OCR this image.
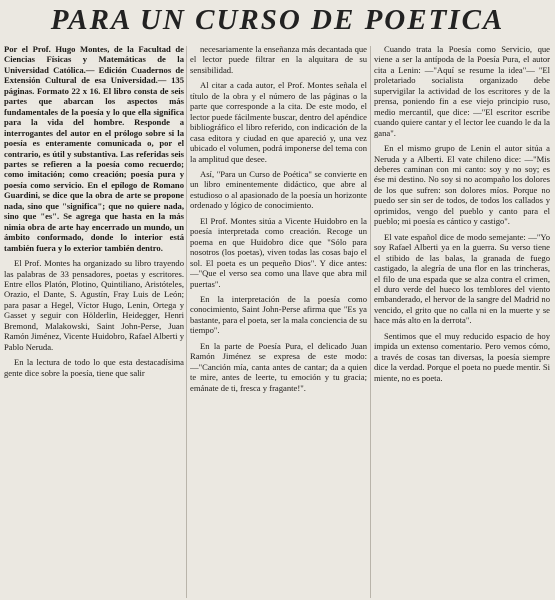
PARA UN CURSO DE POETICA

Por el Prof. Hugo Montes, de la Facultad de Ciencias Físicas y Matemáticas de la Universidad Católica.— Edición Cuadernos de Extensión Cultural de esa Universidad.— 135 páginas. Formato 22 x 16. El libro consta de seis partes que abarcan los aspectos más fundamentales de la poesía y lo que ella significa para la vida del hombre. Responde a interrogantes del autor en el prólogo sobre si la poesía es enteramente comunicada o, por el contrario, es útil y substantiva. Las referidas seis partes se refieren a la poesía como recuerdo; como imitación; como creación; poesía pura y poesía como servicio. En el epílogo de Romano Guardini, se dice que la obra de arte se propone nada, sino que "significa"; que no quiere nada, sino que "es". Se agrega que hasta en la más nimia obra de arte hay encerrado un mundo, un ámbito conformado, donde lo interior está también fuera y lo exterior también dentro.

El Prof. Montes ha organizado su libro trayendo las palabras de 33 pensadores, poetas y escritores. Entre ellos Platón, Plotino, Quintiliano, Aristóteles, Orazio, el Dante, S. Agustín, Fray Luis de León; para pasar a Hegel, Víctor Hugo, Lenin, Ortega y Gasset y seguir con Hölderlin, Heidegger, Henri Bremond, Malakowski, Saint John-Perse, Juan Ramón Jiménez, Vicente Huidobro, Rafael Alberti y Pablo Neruda.

En la lectura de todo lo que esta destacadísima gente dice sobre la poesía, tiene que salir

necesariamente la enseñanza más decantada que el lector puede filtrar en la alquitara de su sensibilidad.

Al citar a cada autor, el Prof. Montes señala el título de la obra y el número de las páginas o la parte que corresponde a la cita. De este modo, el lector puede fácilmente buscar, dentro del apéndice bibliográfico el libro referido, con indicación de la casa editora y ciudad en que apareció y, una vez ubicado el volumen, podrá imponerse del tema con la amplitud que desee.

Así, "Para un Curso de Poética" se convierte en un libro eminentemente didáctico, que abre al estudioso o al apasionado de la poesía un horizonte ordenado y lógico de conocimiento.

El Prof. Montes sitúa a Vicente Huidobro en la poesía interpretada como creación. Recoge un poema en que Huidobro dice que "Sólo para nosotros (los poetas), viven todas las cosas bajo el sol. El poeta es un pequeño Dios". Y dice antes: —"Que el verso sea como una llave que abra mil puertas".

En la interpretación de la poesía como conocimiento, Saint John-Perse afirma que "Es ya bastante, para el poeta, ser la mala conciencia de su tiempo".

En la parte de Poesía Pura, el delicado Juan Ramón Jiménez se expresa de este modo: —"Canción mía, canta antes de cantar; da a quien te mire, antes de leerte, tu emoción y tu gracia; emánate de ti, fresca y fragante!".

Cuando trata la Poesía como Servicio, que viene a ser la antípoda de la Poesía Pura, el autor cita a Lenin: —"Aquí se resume la idea"— "El proletariado socialista organizado debe supervigilar la actividad de los escritores y de la prensa, poniendo fin a ese viejo principio ruso, medio mercantil, que dice: —"El escritor escribe cuando quiere cantar y el lector lee cuando le da la gana".

En el mismo grupo de Lenin el autor sitúa a Neruda y a Alberti. El vate chileno dice: —"Mis deberes caminan con mi canto: soy y no soy; es ése mi destino. No soy si no acompaño los dolores de los que sufren: son dolores míos. Porque no puedo ser sin ser de todos, de todos los callados y oprimidos, vengo del pueblo y canto para el pueblo; mi poesía es cántico y castigo".

El vate español dice de modo semejante: —"Yo soy Rafael Alberti ya en la guerra. Su verso tiene el stibido de las balas, la granada de fuego castigado, la alegría de una flor en las trincheras, el filo de una espada que se alza contra el crimen, el duro verde del hueco los temblores del viento embanderado, el hervor de la sangre del Madrid no vencido, el grito que no calla ni en la muerte y se hace más alto en la derrota".

Sentimos que el muy reducido espacio de hoy impida un extenso comentario. Pero vemos cómo, a través de cosas tan diversas, la poesía siempre dice la verdad. Porque el poeta no puede mentir. Si miente, no es poeta.
